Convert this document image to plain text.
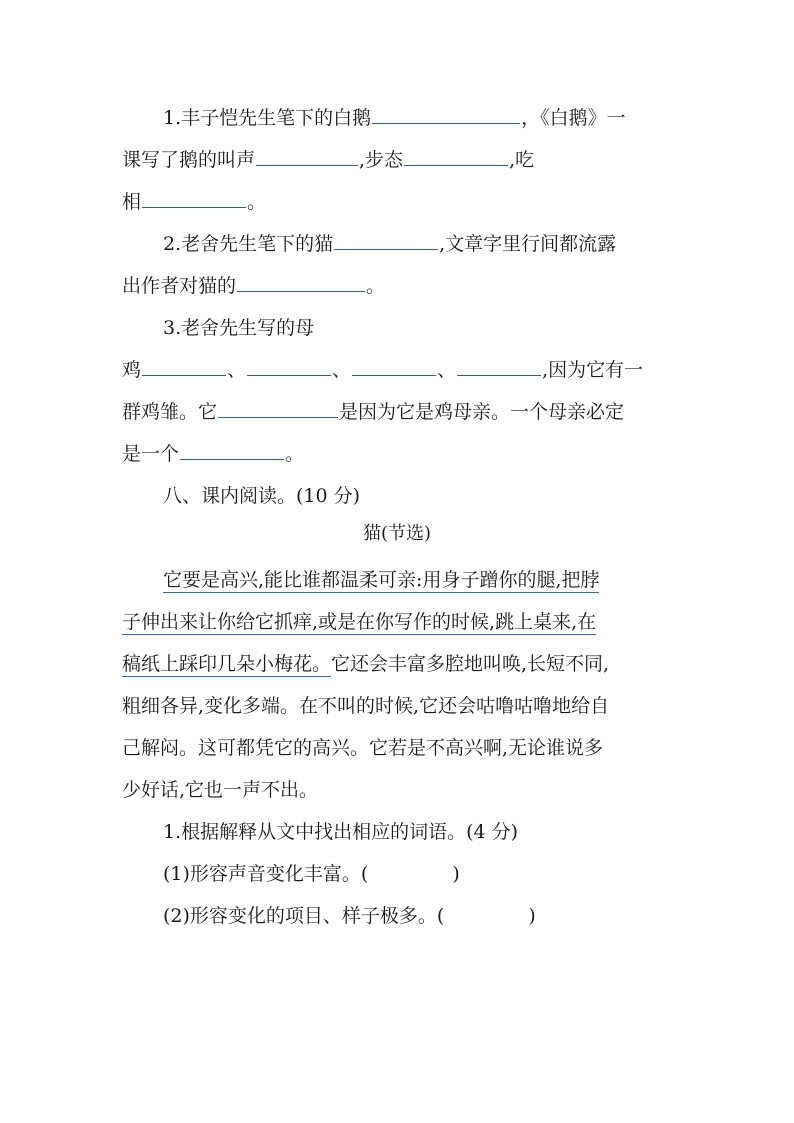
1.丰子恺先生笔下的白鹅	，《白鹅》一
课写了鹅的叫声	,步态	,吃
相	。
2.老舍先生笔下的猫	,文章字里行间都流露
出作者对猫的	。
3.老舍先生写的母
鸡	、	、	、	,因为它有一
群鸡雏。它	是因为它是鸡母亲。一个母亲必定
是一个	。
八、课内阅读。(10 分)
猫(节选)
它要是高兴,能比谁都温柔可亲:用身子蹭你的腿,把脖
子伸出来让你给它抓痒,或是在你写作的时候,跳上桌来,在
稿纸上踩印几朵小梅花。它还会丰富多腔地叫唤,长短不同,
粗细各异,变化多端。在不叫的时候,它还会咕噜咕噜地给自
己解闷。这可都凭它的高兴。它若是不高兴啊,无论谁说多
少好话,它也一声不出。
1.根据解释从文中找出相应的词语。(4 分)
(1)形容声音变化丰富。(	)
(2)形容变化的项目、样子极多。(	)
